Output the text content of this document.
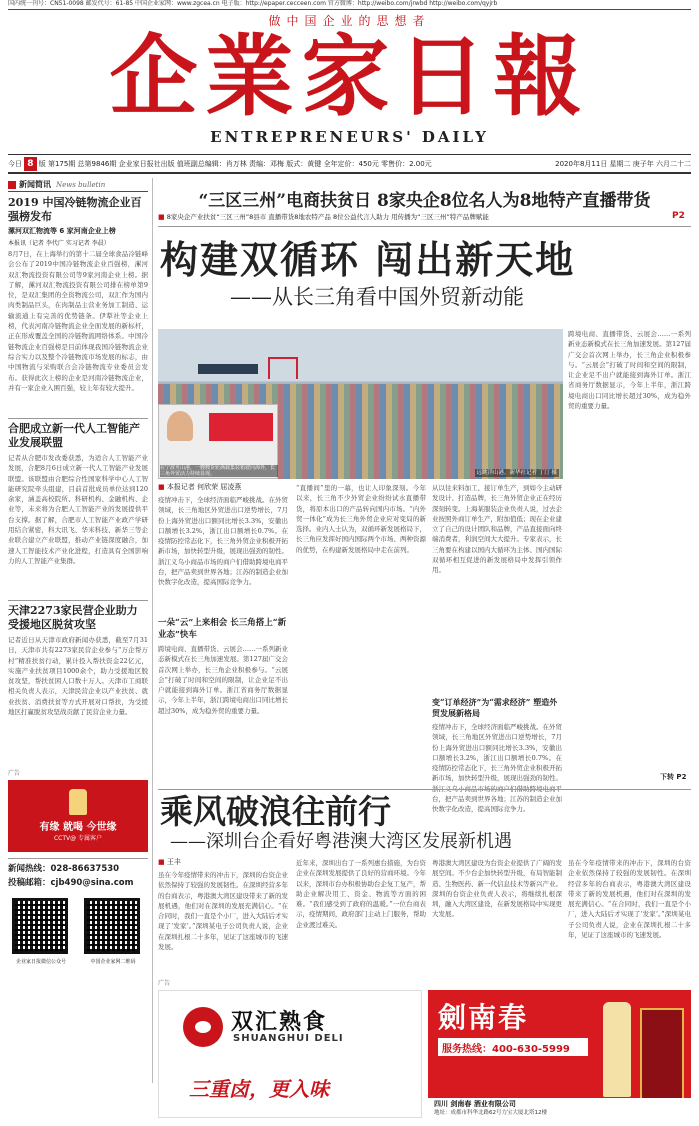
国内统一刊号：CN51-0098 邮发代号：61-85 中国企业家网：www.zgcea.cn 电子版：http://epaper.cecceen.com 官方微博：http://weibo.com/jrwbd http://weibo.com/qyjrb
做中国企业的思想者
企業家日報
ENTREPRENEURS' DAILY
今日 8 版 第175期 总第9846期 企业家日报社出版 值班副总编辑：肖万林 责编：邓梅 版式：黄键 全年定价：450元 零售价：2.00元	2020年8月11日 星期二 庚子年 六月二十二
新闻简讯 News bulletin
2019 中国冷链物流企业百强榜发布
漯河双汇物流等 6 家河南企业上榜
本报讯（记者 李代广 实习记者 李晨）
8月7日，在上海举行的第十二届全球食品冷链峰会公布了2019中国冷链物流企业百强榜，漯河双汇物流投资有限公司等9家河南企业上榜。据了解，漯河双汇物流投资有限公司排在榜单第9位，是双汇集团的全资物流公司，双汇作为国内肉类制品巨头，在肉制品主营业务加工制造、运输流通上有完善的优势链条。伊犁社等企业上榜，代表河南冷链物流企业全面发展的新标杆，正在形成覆盖全国的冷链物流网络体系。中国冷链物流企业百强榜是目前体现我国冷链物流企业综合实力以及整个冷链物流市场发展的标志，由中国物流与采购联合会冷链物流专业委员会发布。获得此次上榜的企业是河南冷链物流企业，并有一家企业入围百强，较上年有较大提升。
合肥成立新一代人工智能产业发展联盟
记者从合肥市发改委获悉，为适合人工智能产业发展，合肥8月6日成立新一代人工智能产业发展联盟。该联盟由合肥综合性国家科学中心人工智能研究院牵头组建，目前首批成员单位达到120余家，涵盖高校院所、科研机构、金融机构、企业等，未来将为合肥人工智能产业的发展提供平台支撑。据了解，合肥市人工智能产业政产学研用结合紧密，科大讯飞、华米科技、新华三等企业联合建立产业联盟，推动产业链深度融合，加速人工智能技术产业化进程，打造具有全国影响力的人工智能产业集群。
天津2273家民营企业助力受援地区脱贫攻坚
记者近日从天津市政府新闻办获悉，截至7月31日，天津市共有2273家民营企业参与“万企帮万村”精准扶贫行动，累计投入帮扶资金22亿元，实施产业扶贫项目1000余个，助力受援地区脱贫攻坚，帮扶贫困人口数十万人。天津市工商联相关负责人表示，天津民营企业以产业扶贫、就业扶贫、消费扶贫等方式开展对口帮扶，为受援地区打赢脱贫攻坚战贡献了民营企业力量。
广告
有缘 就喝 今世缘
CCTV@ 专属客户
新闻热线：028-86637530
投稿邮箱：cjb490@sina.com
企业家日报微信公众号	中国企业家网二维码
“三区三州”电商扶贫日 8家央企8位名人为8地特产直播带货
■ 8家央企产业扶贫“三区三州”8县市 直播带货8地农特产品 8位公益代言人助力 用传播为“三区三州”特产品牌赋能	P2
构建双循环 闯出新天地
——从长三角看中国外贸新动能
在宁波舟山港，一艘艘货轮满载集装箱驶向海外，长三角外贸活力持续显现。	远眺洋山港。新华社记者 丁汀 摄
■ 本报记者 何欣荣 屈凌燕
疫情冲击下，全球经济面临严峻挑战。在外贸领域，长三角地区外贸进出口逆势增长，7月份上海外贸进出口额同比增长3.3%，安徽出口额增长3.2%，浙江出口额增长0.7%。在疫情防控常态化下，长三角外贸企业积极开拓新市场，加快转型升级，展现出强劲的韧性。浙江义乌小商品市场的商户们借助跨境电商平台，把产品卖到世界各地；江苏的制造企业加快数字化改造，提高国际竞争力。
一朵“云”上来相会 长三角搭上“新业态”快车
跨境电商、直播带货、云展会……一系列新业态新模式在长三角加速发展。第127届广交会首次网上举办，长三角企业积极参与。“云展会”打破了时间和空间的限制，让企业足不出户就能接到海外订单。浙江省商务厅数据显示，今年上半年，浙江跨境电商出口同比增长超过30%，成为稳外贸的重要力量。
“直播间”里的一幕，也让人印象深刻。今年以来，长三角不少外贸企业纷纷试水直播带货，将原本出口的产品转向国内市场。“内外贸一体化”成为长三角外贸企业应对变局的新选择。业内人士认为，双循环新发展格局下，长三角应发挥好国内国际两个市场、两种资源的优势，在构建新发展格局中走在前列。
从以往来料加工、接订单生产，到如今主动研发设计、打造品牌，长三角外贸企业正在经历深刻转变。上海某服装企业负责人说，过去企业按照外商订单生产，附加值低；现在企业建立了自己的设计团队和品牌，产品直接面向终端消费者，利润空间大大提升。专家表示，长三角要在构建以国内大循环为主体、国内国际双循环相互促进的新发展格局中发挥引领作用。
变“订单经济”为“需求经济” 塑造外贸发展新格局
疫情冲击下，全球经济面临严峻挑战。在外贸领域，长三角地区外贸进出口逆势增长，7月份上海外贸进出口额同比增长3.3%，安徽出口额增长3.2%，浙江出口额增长0.7%。在疫情防控常态化下，长三角外贸企业积极开拓新市场，加快转型升级，展现出强劲的韧性。 台，把产品卖到世界各地；江苏的制造企业加快数字化改造，提高国际竞争力。
跨境电商、直播带货、云展会……一系列新业态新模式在长三角加速发展。第127届广交会首次网上举办，长三角企业积极参与。“云展会”打破了时间和空间的限制，让企业足不出户就能接到海外订单。浙江省商务厅数据显示，今年上半年，浙江跨境电商出口同比增长超过30%，成为稳外贸的重要力量。
下转 P2
乘风破浪往前行
——深圳台企看好粤港澳大湾区发展新机遇
■ 王丰
虽在今年疫情带来的冲击下，深圳的台资企业依然保持了较强的发展韧性。在深圳经营多年的台商表示，粤港澳大湾区建设带来了新的发展机遇，他们对在深圳的发展充满信心。“在合同时，我们一直是个小厂，进入大陆后才实现了‘发家’。”深圳某电子公司负责人说，企业在深圳扎根二十多年，见证了这座城市的飞速发展。
近年来，深圳出台了一系列惠台措施，为台资企业在深圳发展提供了良好的营商环境。今年以来，深圳市台办积极协助台企复工复产，帮助企业解决用工、资金、物流等方面的困难。“我们感受到了政府的温暖。”一位台商表示，疫情期间，政府部门主动上门服务，帮助企业渡过难关。
粤港澳大湾区建设为台资企业提供了广阔的发展空间。不少台企加快转型升级，布局智能制造、生物医药、新一代信息技术等新兴产业。深圳的台资企业负责人表示，将继续扎根深圳，融入大湾区建设，在新发展格局中实现更大发展。
虽在今年疫情带来的冲击下，深圳的台资企业依然保持了较强的发展韧性。在深圳经营多年的台商表示，粤港澳大湾区建设带来了新的发展机遇，他们对在深圳的发展充满信心。“在合同时，我们一直是个小厂，进入大陆后才实现了‘发家’。”深圳某电子公司负责人说，企业在深圳扎根二十多年，见证了这座城市的飞速发展。
广告
双汇熟食
SHUANGHUI DELI
三重卤，更入味
劍南春
服务热线：400-630-5999
四川 剑南春 酒业有限公司
地址：成都市科华北路62号力宝大厦北塔12楼
